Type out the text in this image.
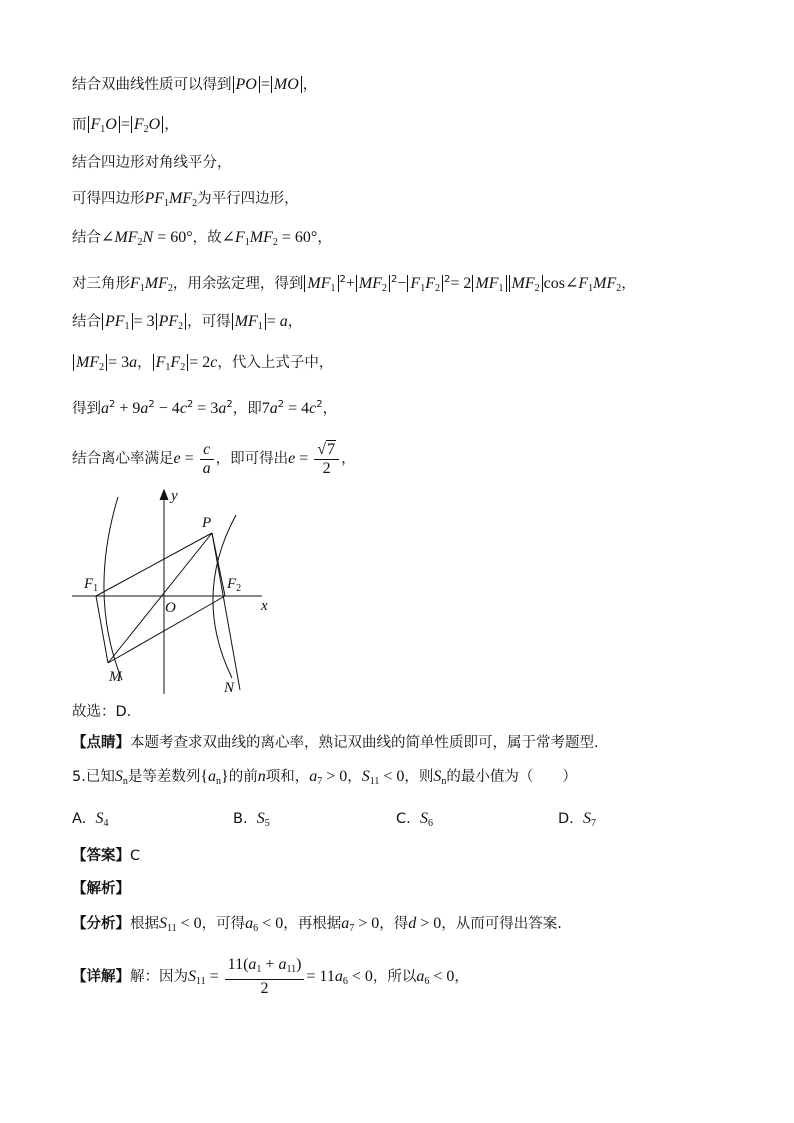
结合双曲线性质可以得到 PO = MO ，
而 $F_1O = F_2O$ ，
结合四边形对角线平分，
可得四边形$PF_1MF_2$为平行四边形，
结合$\angle MF_2N = 60^\circ$，故$\angle F_1MF_2 = 60^\circ$，
对三角形$F_1MF_2$，用余弦定理，得到 $MF_1^2+ MF_2^2- F_1F_2^2= 2$ $MF_1$ $MF_2$ $\cos\angle F_1MF_2$，
结合 $PF_1 = 3$ $PF_2$ ，可得 $MF_1 = a$，
$MF_2 = 3a$， $F_1F_2 = 2c$，代入上式子中，
得到$a^2 + 9a^2 - 4c^2 = 3a^2$，即$7a^2 = 4c^2$，
结合离心率满足$e = \frac{c}{a}$ ，即可得出$e = \frac{√7}{2}$ ，
y
x
P
$F_1$	$F_2$
O
M
N
故选：D．
【点睛】本题考查求双曲线的离心率，熟记双曲线的简单性质即可，属于常考题型.
5.已知$S_n$是等差数列$\{a_n\}$的前n项和，$a_7 > 0$，$S_{11} < 0$，则$S_n$的最小值为（　　）
A. $S_4$	B. $S_5$	C. $S_6$	D. $S_7$
【答案】C
【解析】
【分析】根据$S_{11} < 0$，可得$a_6 < 0$，再根据$a_7 > 0$，得d > 0，从而可得出答案.
【详解】解：因为$S_{11} = \frac{11(a_1 + a_{11})}{2} = 11a_6 < 0$，所以$a_6 < 0$，
